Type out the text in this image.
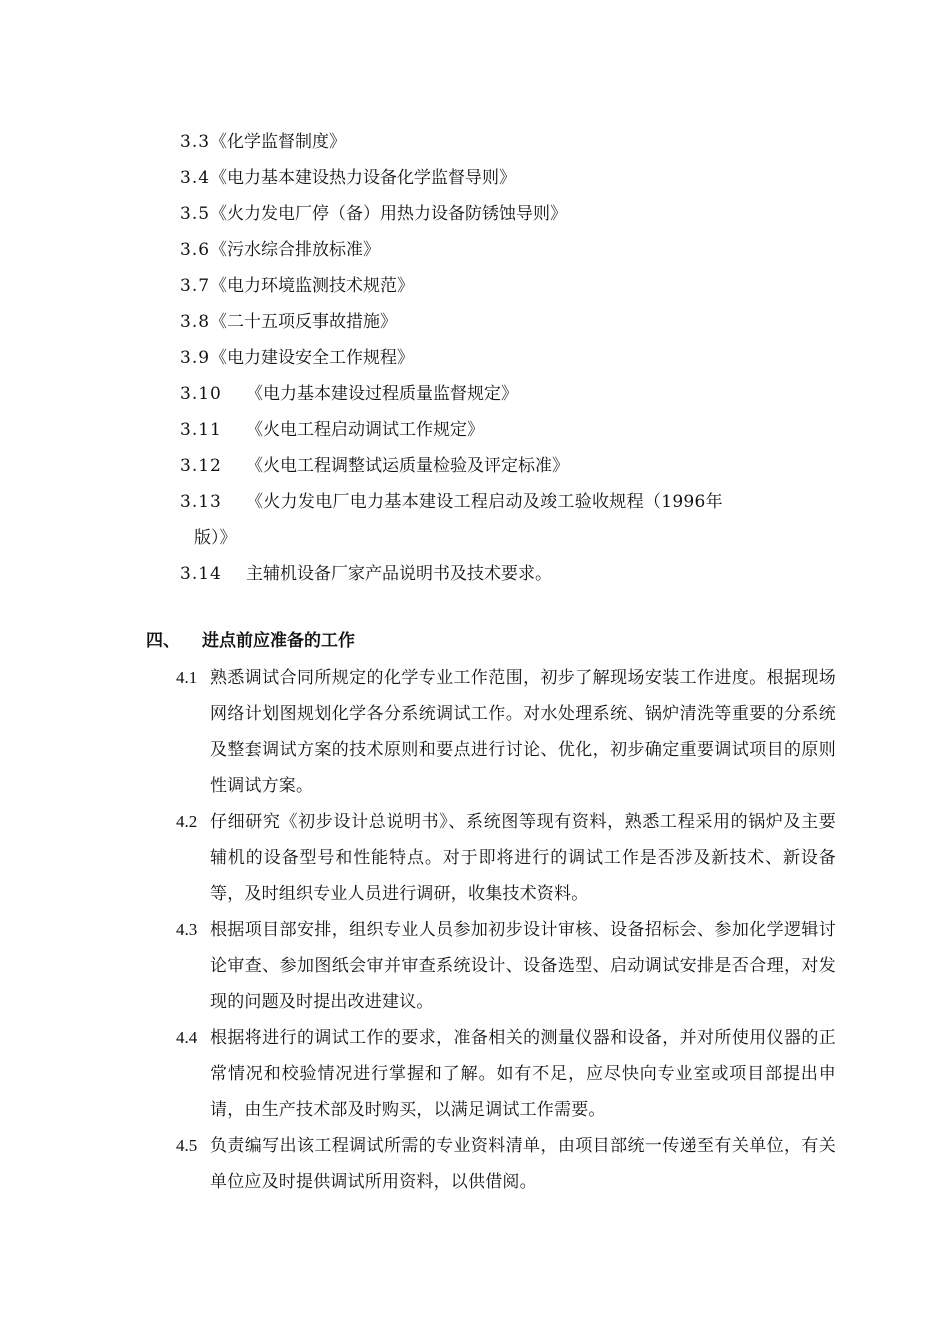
3.3《化学监督制度》
3.4《电力基本建设热力设备化学监督导则》
3.5《火力发电厂停（备）用热力设备防锈蚀导则》
3.6《污水综合排放标准》
3.7《电力环境监测技术规范》
3.8《二十五项反事故措施》
3.9《电力建设安全工作规程》
3.10 《电力基本建设过程质量监督规定》
3.11 《火电工程启动调试工作规定》
3.12 《火电工程调整试运质量检验及评定标准》
3.13 《火力发电厂电力基本建设工程启动及竣工验收规程（1996年
版）》
3.14 主辅机设备厂家产品说明书及技术要求。
四、 进点前应准备的工作

4.1 熟悉调试合同所规定的化学专业工作范围，初步了解现场安装工作进度。根据现场网络计划图规划化学各分系统调试工作。对水处理系统、锅炉清洗等重要的分系统及整套调试方案的技术原则和要点进行讨论、优化，初步确定重要调试项目的原则性调试方案。

4.2 仔细研究《初步设计总说明书》、系统图等现有资料，熟悉工程采用的锅炉及主要辅机的设备型号和性能特点。对于即将进行的调试工作是否涉及新技术、新设备等，及时组织专业人员进行调研，收集技术资料。

4.3 根据项目部安排，组织专业人员参加初步设计审核、设备招标会、参加化学逻辑讨论审查、参加图纸会审并审查系统设计、设备选型、启动调试安排是否合理，对发现的问题及时提出改进建议。

4.4 根据将进行的调试工作的要求，准备相关的测量仪器和设备，并对所使用仪器的正常情况和校验情况进行掌握和了解。如有不足，应尽快向专业室或项目部提出申请，由生产技术部及时购买，以满足调试工作需要。

4.5 负责编写出该工程调试所需的专业资料清单，由项目部统一传递至有关单位，有关单位应及时提供调试所用资料，以供借阅。
